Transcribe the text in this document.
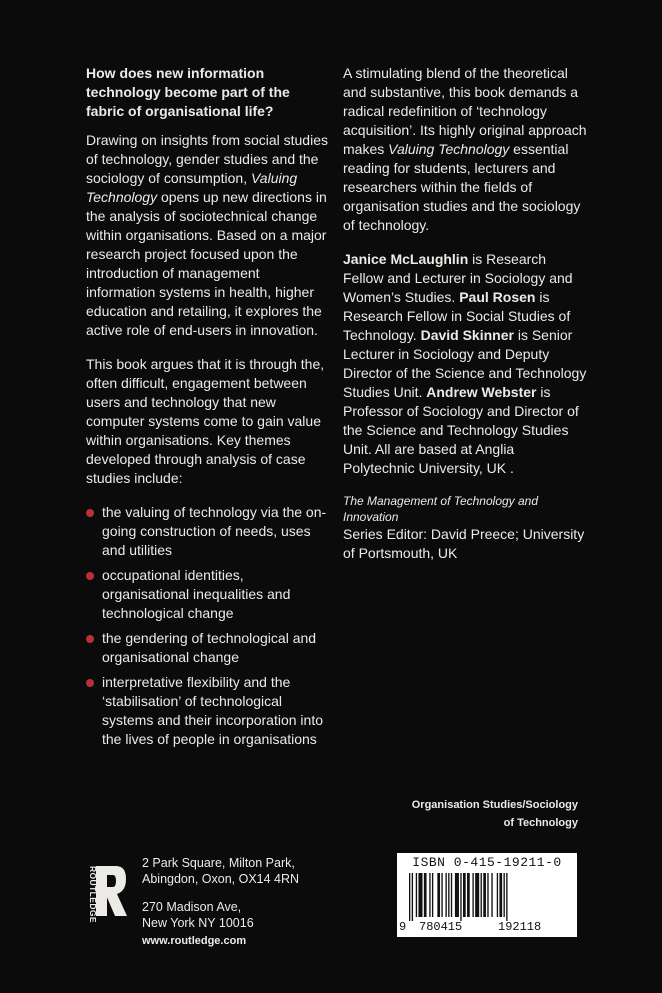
How does new information technology become part of the fabric of organisational life?

Drawing on insights from social studies of technology, gender studies and the sociology of consumption, Valuing Technology opens up new directions in the analysis of sociotechnical change within organisations. Based on a major research project focused upon the introduction of management information systems in health, higher education and retailing, it explores the active role of end-users in innovation.

This book argues that it is through the, often difficult, engagement between users and technology that new computer systems come to gain value within organisations. Key themes developed through analysis of case studies include:

the valuing of technology via the on-going construction of needs, uses and utilities
occupational identities, organisational inequalities and technological change
the gendering of technological and organisational change
interpretative flexibility and the ‘stabilisation’ of technological systems and their incorporation into the lives of people in organisations

A stimulating blend of the theoretical and substantive, this book demands a radical redefinition of ‘technology acquisition’. Its highly original approach makes Valuing Technology essential reading for students, lecturers and researchers within the fields of organisation studies and the sociology of technology.

Janice McLaughlin is Research Fellow and Lecturer in Sociology and Women’s Studies. Paul Rosen is Research Fellow in Social Studies of Technology. David Skinner is Senior Lecturer in Sociology and Deputy Director of the Science and Technology Studies Unit. Andrew Webster is Professor of Sociology and Director of the Science and Technology Studies Unit. All are based at Anglia Polytechnic University, UK .

The Management of Technology and Innovation
Series Editor: David Preece; University of Portsmouth, UK
Organisation Studies/Sociology
of Technology
ROUTLEDGE
2 Park Square, Milton Park,
Abingdon, Oxon, OX14 4RN
270 Madison Ave,
New York NY 10016
www.routledge.com
ISBN 0-415-19211-0
9 780415	192118
